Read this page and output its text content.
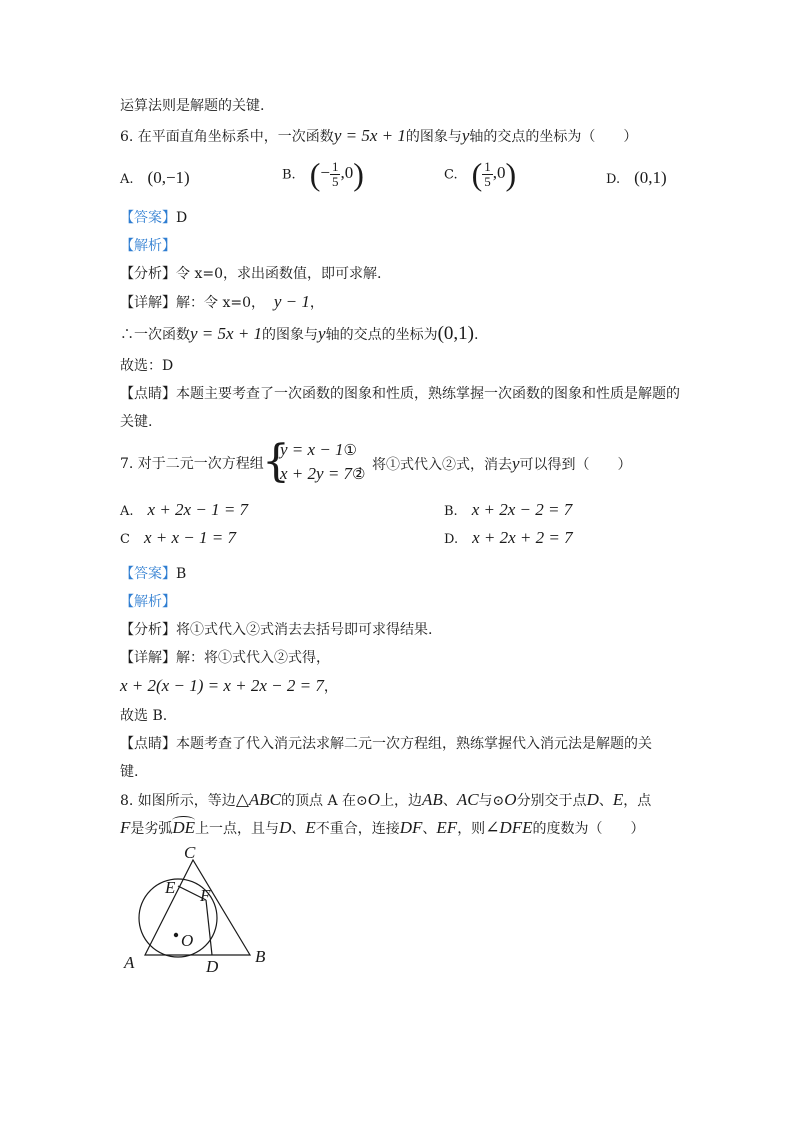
运算法则是解题的关键.
6. 在平面直角坐标系中，一次函数y = 5x + 1的图象与y轴的交点的坐标为（　　）
A. (0,−1)	B. (− $\frac{1}{5} ,0$)	C. ( $\frac{1}{5} ,0$)	D. (0,1)
【答案】D
【解析】
【分析】令 x=0，求出函数值，即可求解.
【详解】解：令 x=0， y − 1，
∴一次函数y = 5x + 1的图象与y轴的交点的坐标为(0,1).
故选：D
【点睛】本题主要考查了一次函数的图象和性质，熟练掌握一次函数的图象和性质是解题的
关键.
7. 对于二元一次方程组
{
y = x − 1①
x + 2y = 7②
，将①式代入②式，消去y可以得到（　　）
A. x + 2x − 1 = 7	B. x + 2x − 2 = 7
C x + x − 1 = 7	D. x + 2x + 2 = 7
【答案】B
【解析】
【分析】将①式代入②式消去去括号即可求得结果.
【详解】解：将①式代入②式得，
x + 2(x − 1) = x + 2x − 2 = 7，
故选 B.
【点睛】本题考查了代入消元法求解二元一次方程组，熟练掌握代入消元法是解题的关
键.
8. 如图所示，等边△ABC的顶点 A 在⊙O上，边AB、AC与⊙O分别交于点D、E，点
F是劣弧
DE上一点，且与D、E不重合，连接DF、EF，则∠DFE的度数为（　　）
C
E F
O
A	D
B
